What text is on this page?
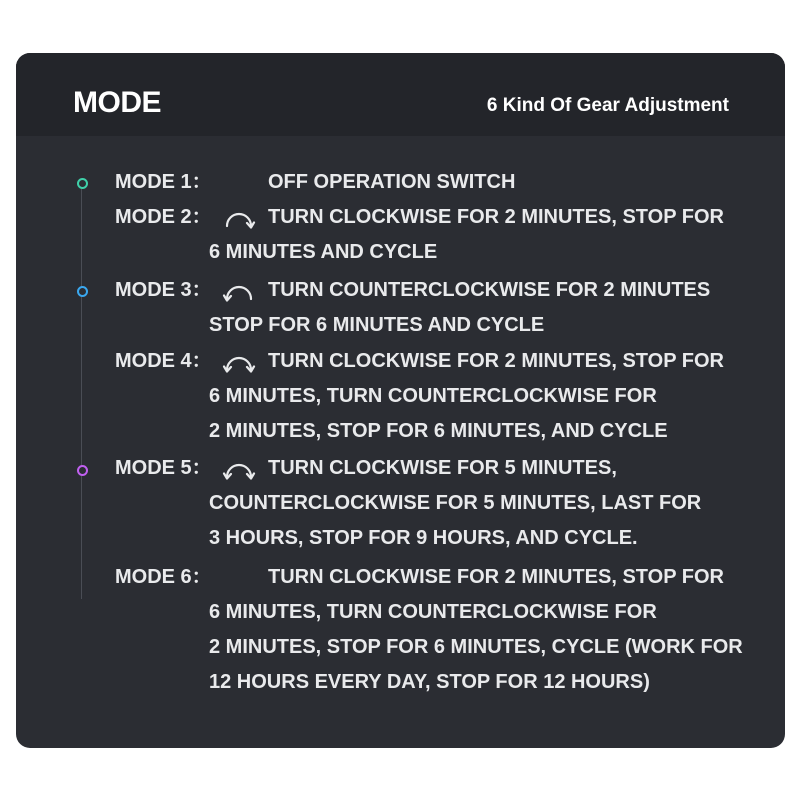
MODE	6 Kind Of Gear Adjustment
MODE 1：	OFF OPERATION SWITCH
MODE 2：	TURN CLOCKWISE FOR 2 MINUTES, STOP FOR
6 MINUTES AND CYCLE
MODE 3：	TURN COUNTERCLOCKWISE FOR 2 MINUTES
STOP FOR 6 MINUTES AND CYCLE
MODE 4：	TURN CLOCKWISE FOR 2 MINUTES, STOP FOR
6 MINUTES, TURN COUNTERCLOCKWISE FOR
2 MINUTES, STOP FOR 6 MINUTES, AND CYCLE
MODE 5：	TURN CLOCKWISE FOR 5 MINUTES,
COUNTERCLOCKWISE FOR 5 MINUTES, LAST FOR
3 HOURS, STOP FOR 9 HOURS, AND CYCLE.
MODE 6：	TURN CLOCKWISE FOR 2 MINUTES, STOP FOR
6 MINUTES, TURN COUNTERCLOCKWISE FOR
2 MINUTES, STOP FOR 6 MINUTES, CYCLE (WORK FOR
12 HOURS EVERY DAY, STOP FOR 12 HOURS)
